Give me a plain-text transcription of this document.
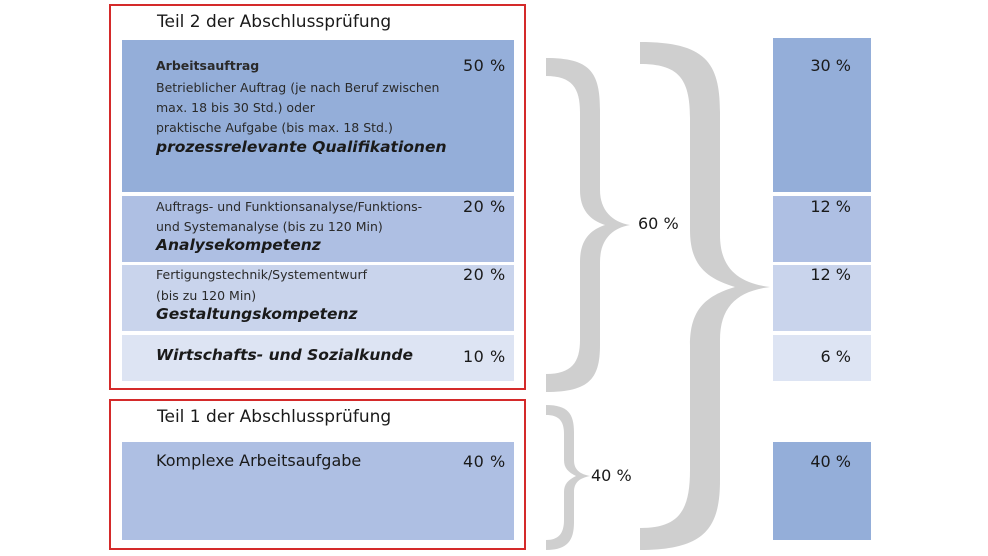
Teil 2 der Abschlussprüfung
Arbeitsauftrag
Betrieblicher Auftrag (je nach Beruf zwischen
max. 18 bis 30 Std.) oder
praktische Aufgabe (bis max. 18 Std.)
prozessrelevante Qualifikationen
50 %
Auftrags- und Funktionsanalyse/Funktions-
und Systemanalyse (bis zu 120 Min)
Analysekompetenz
20 %
Fertigungstechnik/Systementwurf
(bis zu 120 Min)
Gestaltungskompetenz
20 %
Wirtschafts- und Sozialkunde	10 %
Teil 1 der Abschlussprüfung
Komplexe Arbeitsaufgabe	40 %
60 %
40 %
30 %
12 %
12 %
6 %
40 %
